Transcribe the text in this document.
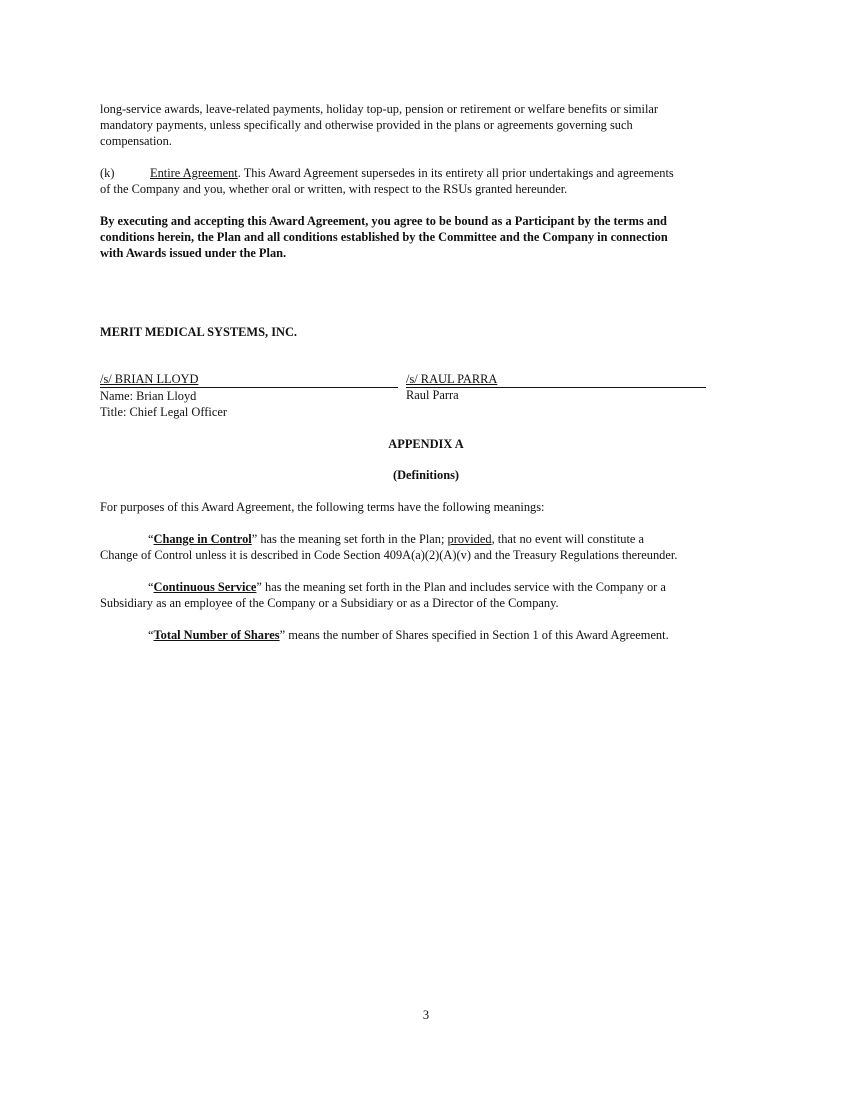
long-service awards, leave-related payments, holiday top-up, pension or retirement or welfare benefits or similar
mandatory payments, unless specifically and otherwise provided in the plans or agreements governing such
compensation.
(k)	Entire Agreement. This Award Agreement supersedes in its entirety all prior undertakings and agreements
of the Company and you, whether oral or written, with respect to the RSUs granted hereunder.
By executing and accepting this Award Agreement, you agree to be bound as a Participant by the terms and
conditions herein, the Plan and all conditions established by the Committee and the Company in connection
with Awards issued under the Plan.
MERIT MEDICAL SYSTEMS, INC.
/s/ BRIAN LLOYD	/s/ RAUL PARRA
Name: Brian Lloyd
Title: Chief Legal Officer
Raul Parra
APPENDIX A
(Definitions)
For purposes of this Award Agreement, the following terms have the following meanings:
“Change in Control” has the meaning set forth in the Plan; provided, that no event will constitute a
Change of Control unless it is described in Code Section 409A(a)(2)(A)(v) and the Treasury Regulations thereunder.
“Continuous Service” has the meaning set forth in the Plan and includes service with the Company or a
Subsidiary as an employee of the Company or a Subsidiary or as a Director of the Company.
“Total Number of Shares” means the number of Shares specified in Section 1 of this Award Agreement.
3
